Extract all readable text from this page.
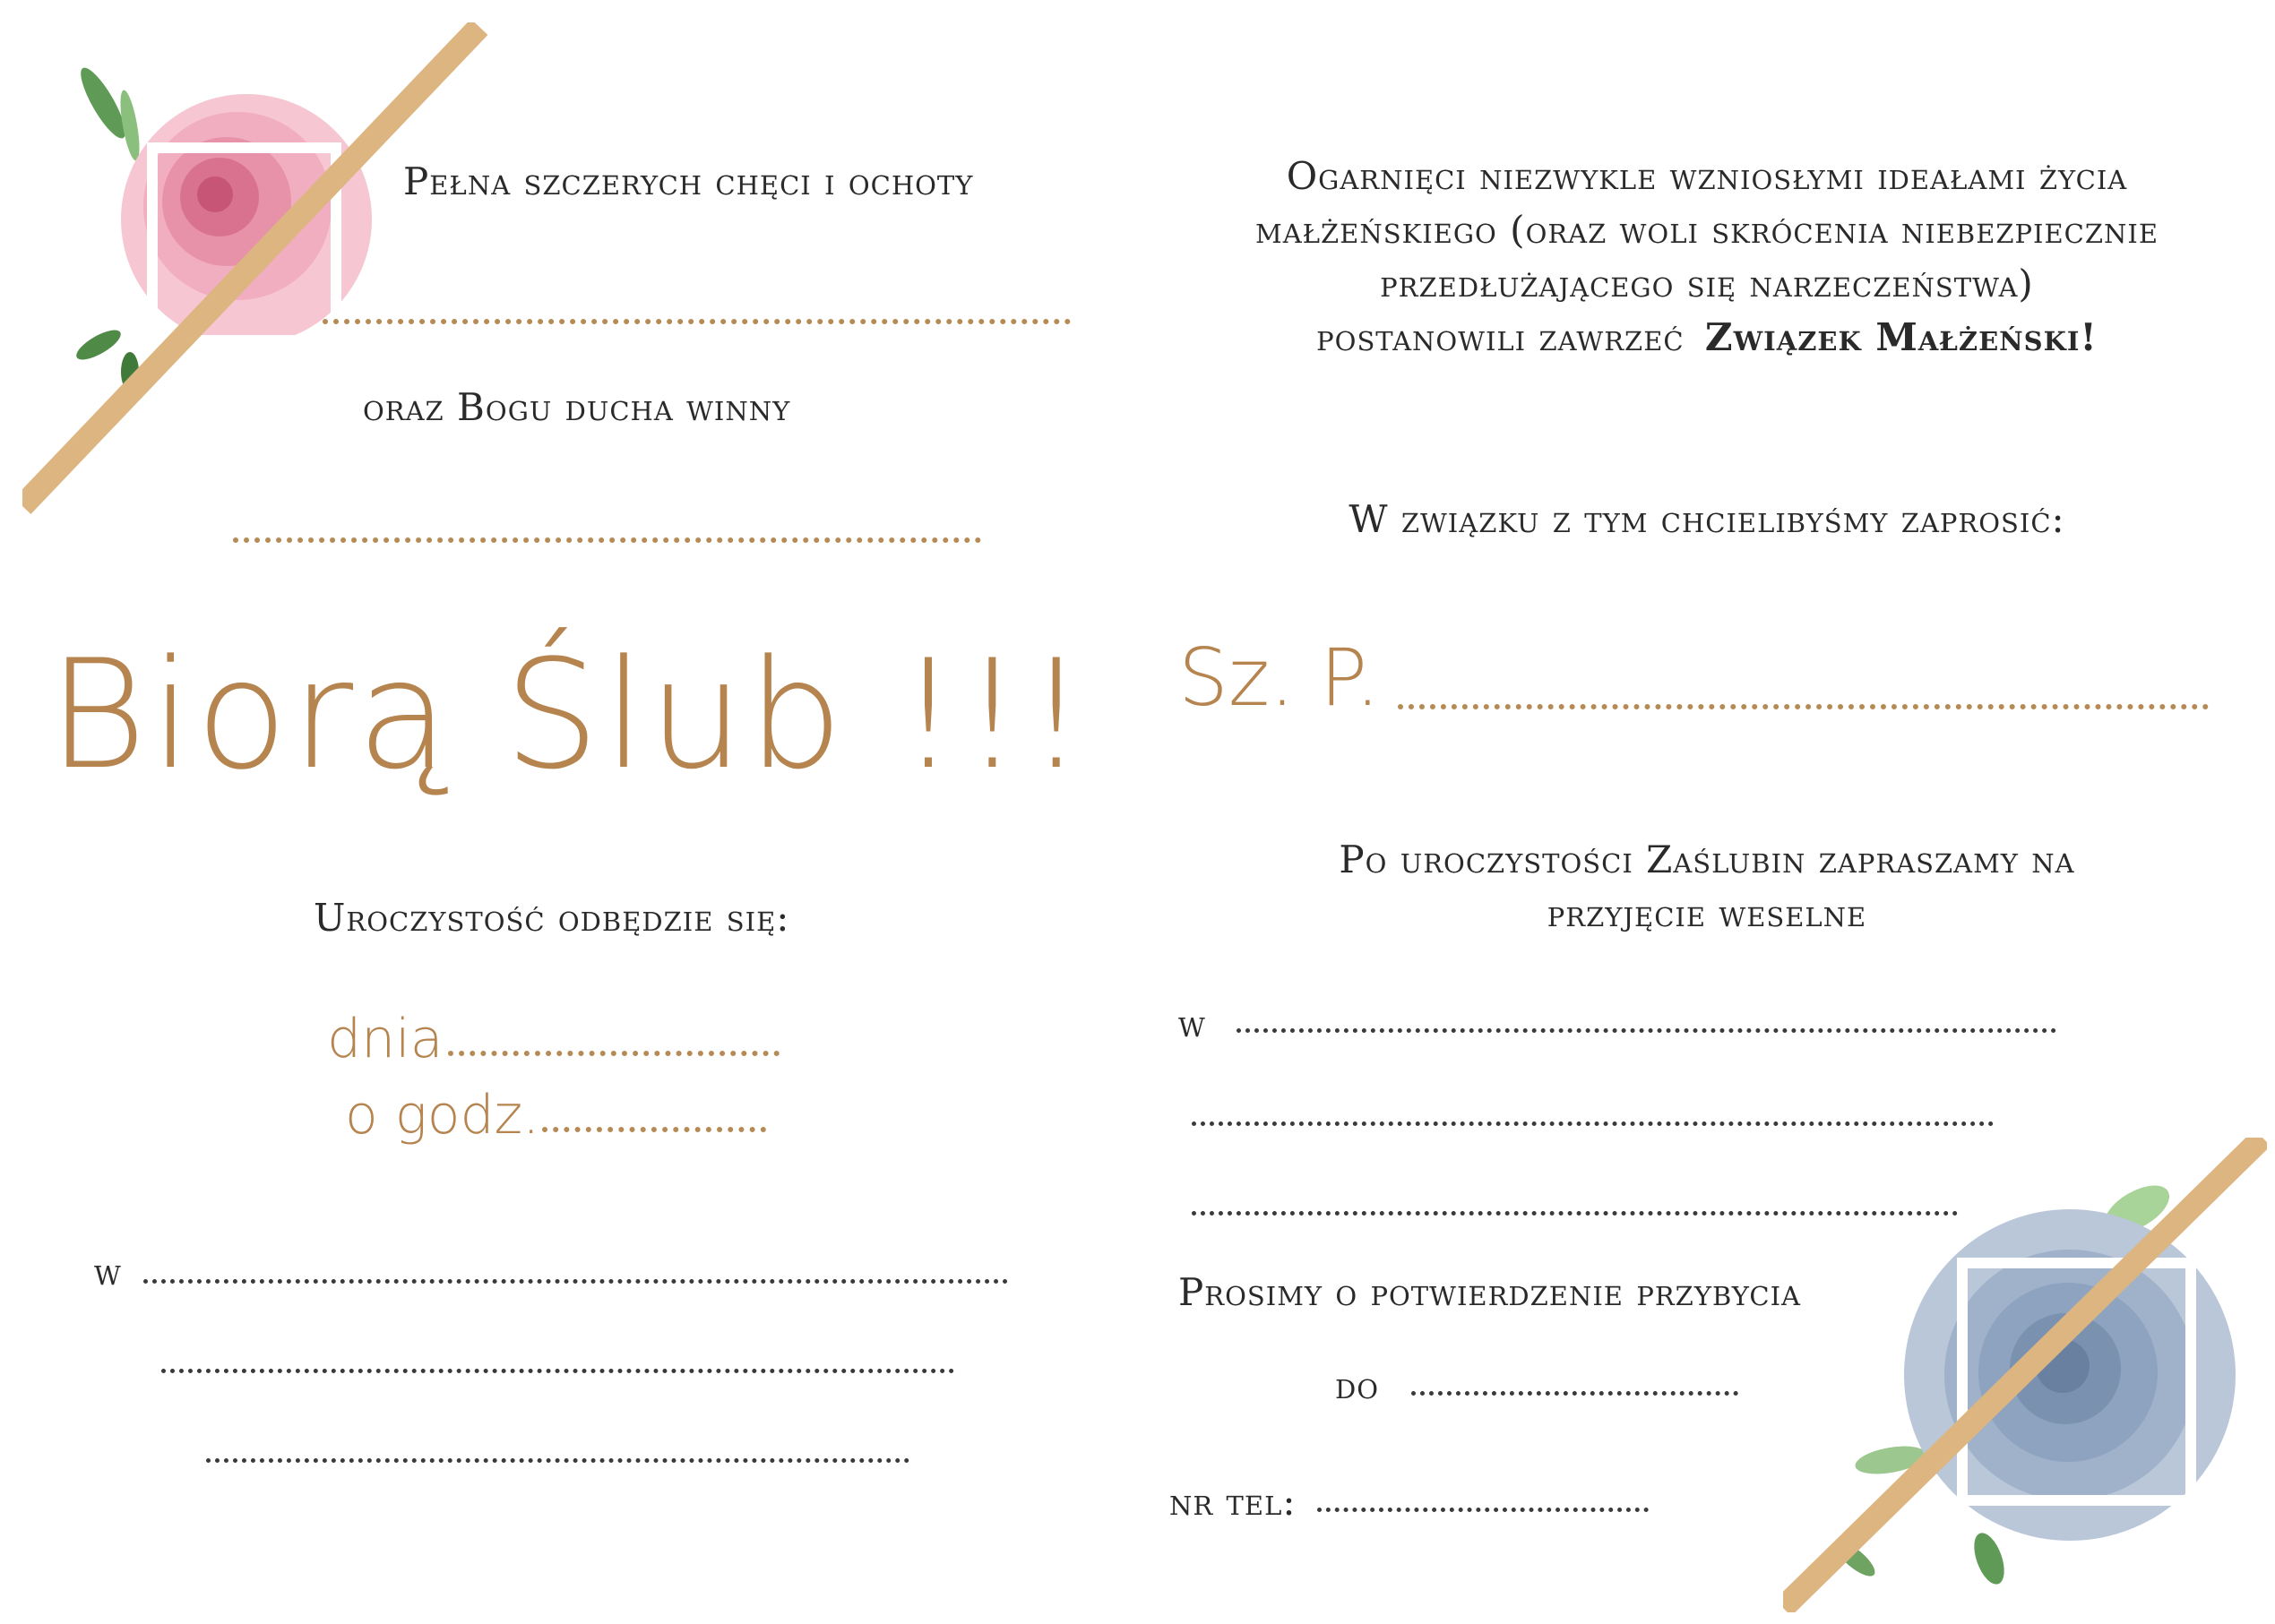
Pełna szczerych chęci i ochoty
oraz Bogu ducha winny
Biorą Ślub !!!
Uroczystość odbędzie się:
dnia
o godz.
w
Ogarnięci niezwykle wzniosłymi ideałami życia
małżeńskiego (oraz woli skrócenia niebezpiecznie
przedłużającego się narzeczeństwa)
postanowili zawrzeć Związek Małżeński!
W związku z tym chcielibyśmy zaprosić:
Sz. P.
Po uroczystości Zaślubin zapraszamy na
przyjęcie weselne
w
Prosimy o potwierdzenie przybycia
do
nr tel:
